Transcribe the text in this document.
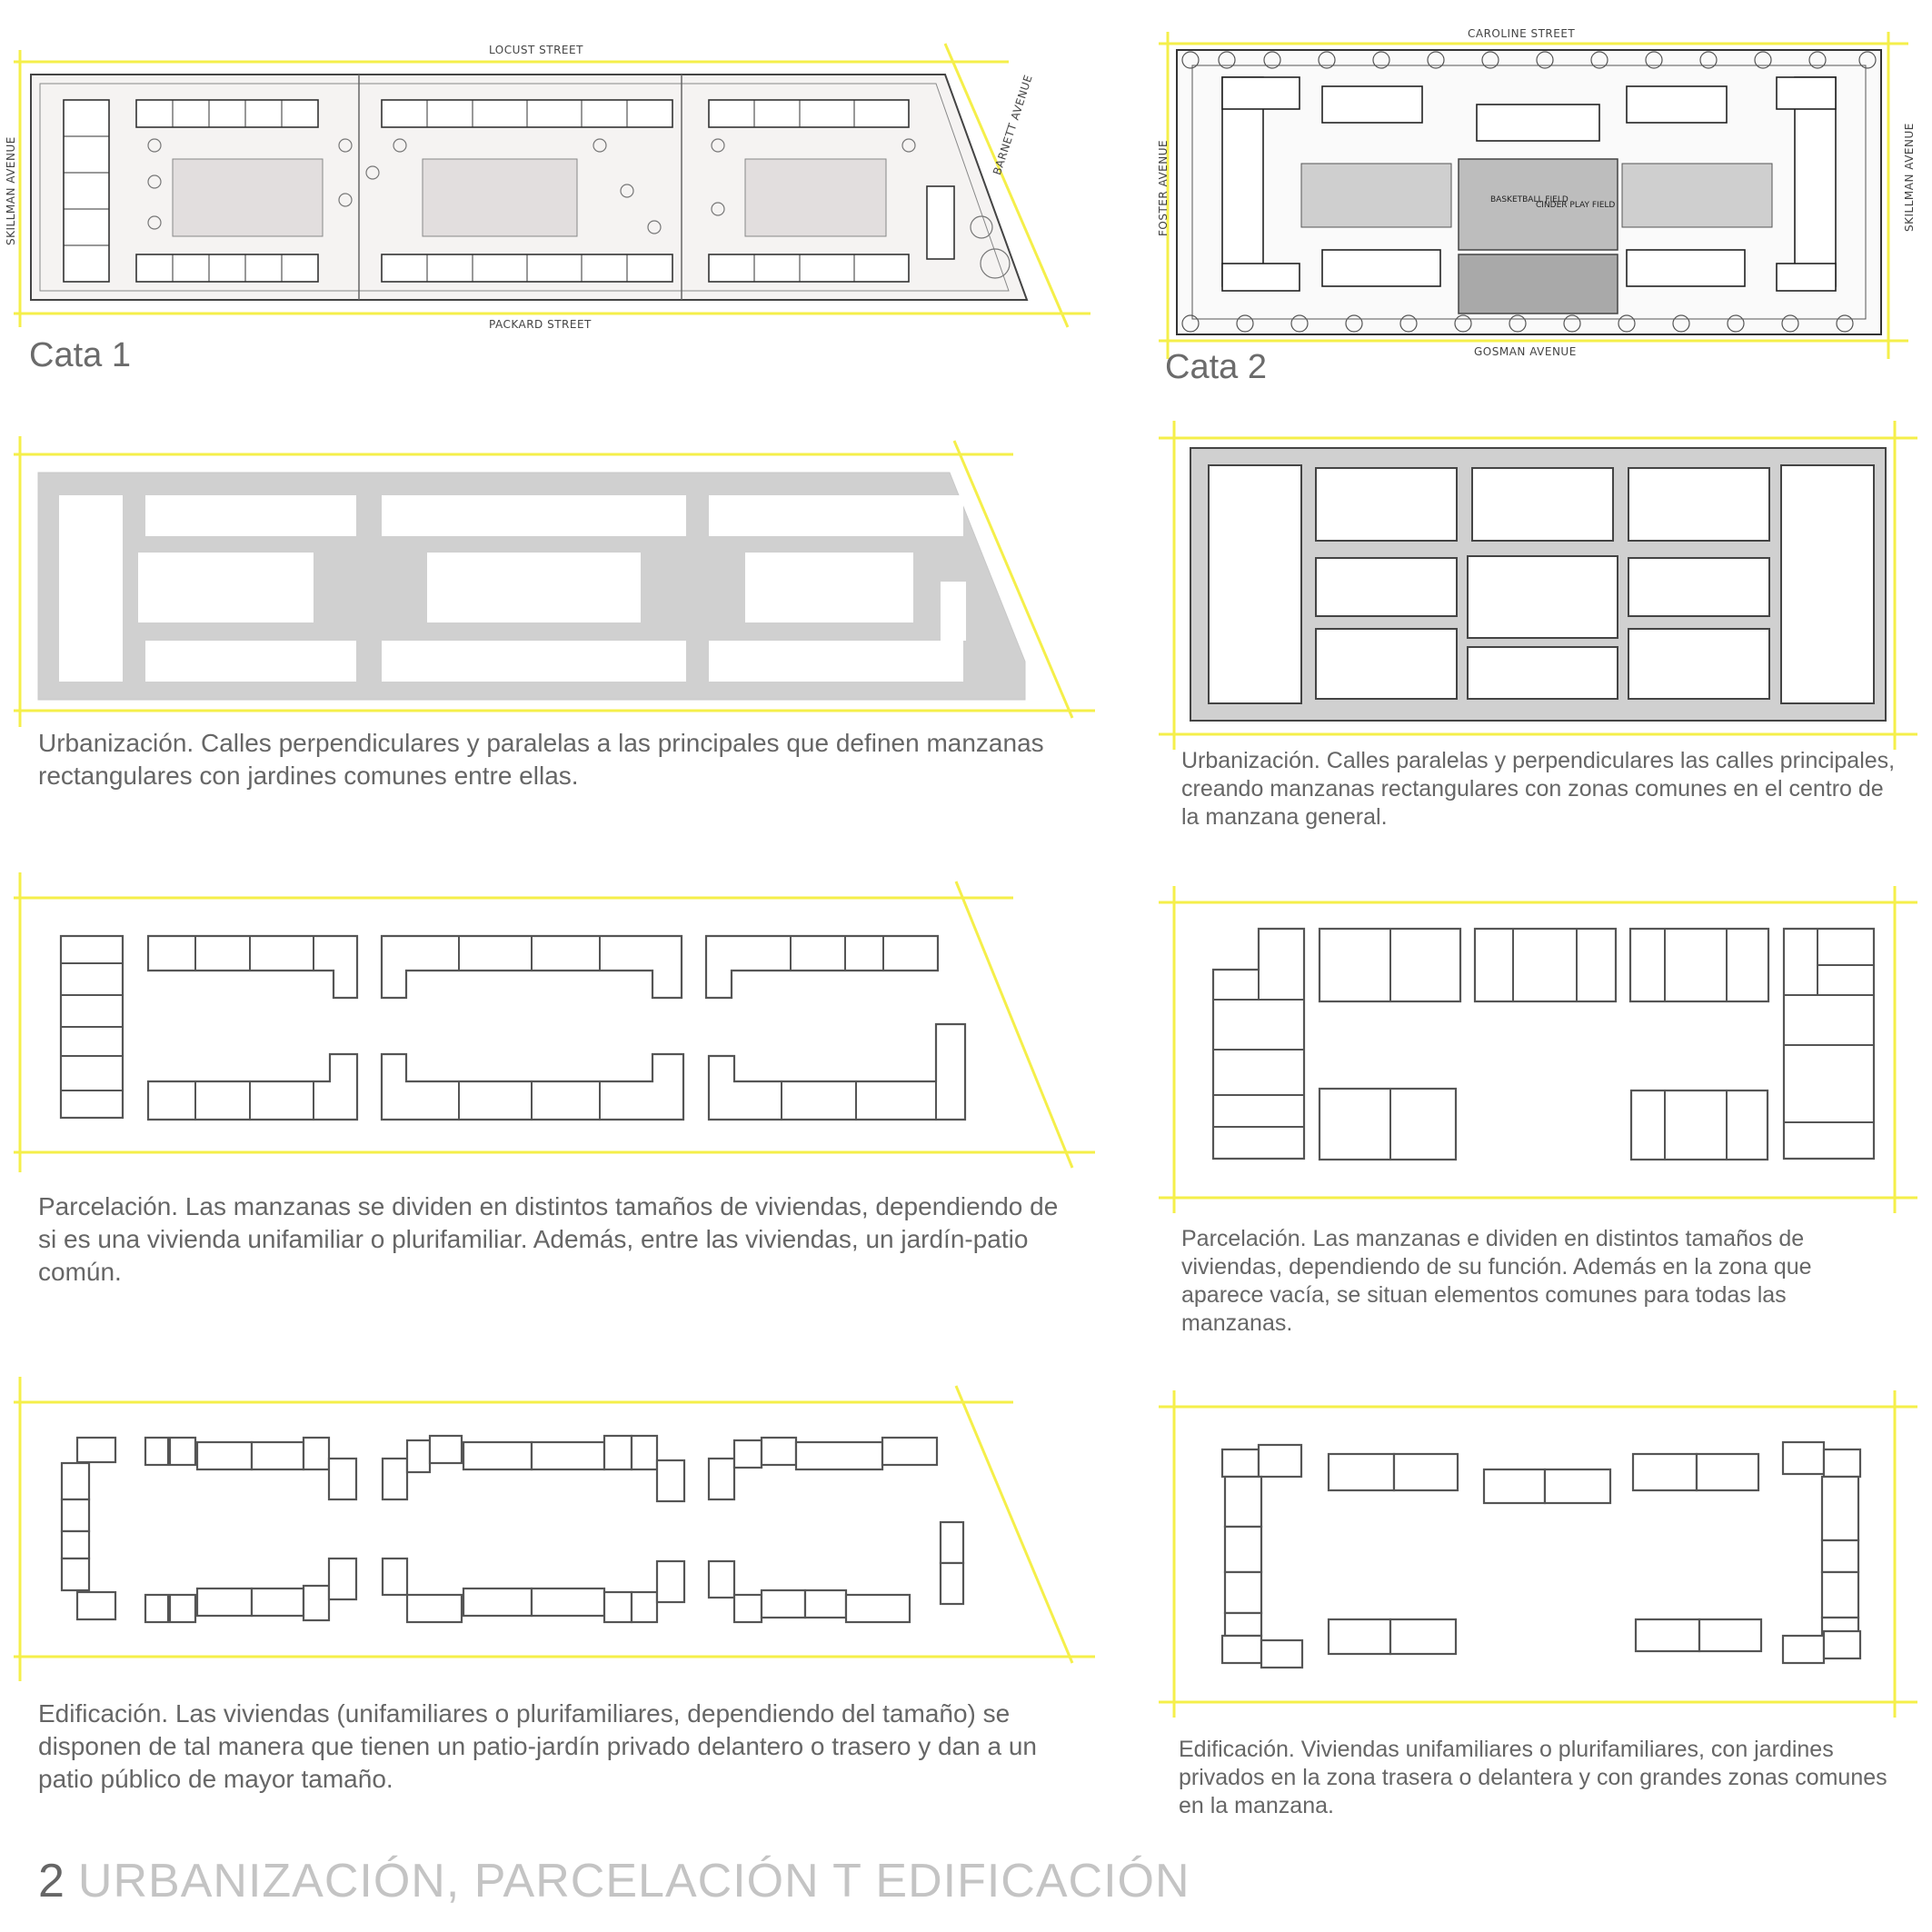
BASKETBALL FIELD
CINDER PLAY FIELD
LOCUST STREET
PACKARD STREET
SKILLMAN AVENUE
BARNETT AVENUE
Cata 1
CAROLINE STREET
GOSMAN AVENUE
FOSTER AVENUE	SKILLMAN AVENUE
Cata 2
Urbanización. Calles perpendiculares y paralelas a las principales que definen manzanas rectangulares con jardines comunes entre ellas.
Urbanización. Calles paralelas y perpendiculares las calles principales, creando manzanas rectangulares con zonas comunes en el centro de la manzana general.
Parcelación. Las manzanas se dividen en distintos tamaños de viviendas, dependiendo de si es una vivienda unifamiliar o plurifamiliar. Además, entre las viviendas, un jardín-patio común.
Parcelación. Las manzanas e dividen en distintos tamaños de viviendas, dependiendo de su función. Además en la zona que aparece vacía, se situan elementos comunes para todas las manzanas.
Edificación. Las viviendas (unifamiliares o plurifamiliares, dependiendo del tamaño) se disponen de tal manera que tienen un patio-jardín privado delantero o trasero y dan a un patio público de mayor tamaño.
Edificación. Viviendas unifamiliares o plurifamiliares, con jardines privados en la zona trasera o delantera y con grandes zonas comunes en la manzana.
2 URBANIZACIÓN, PARCELACIÓN T EDIFICACIÓN
